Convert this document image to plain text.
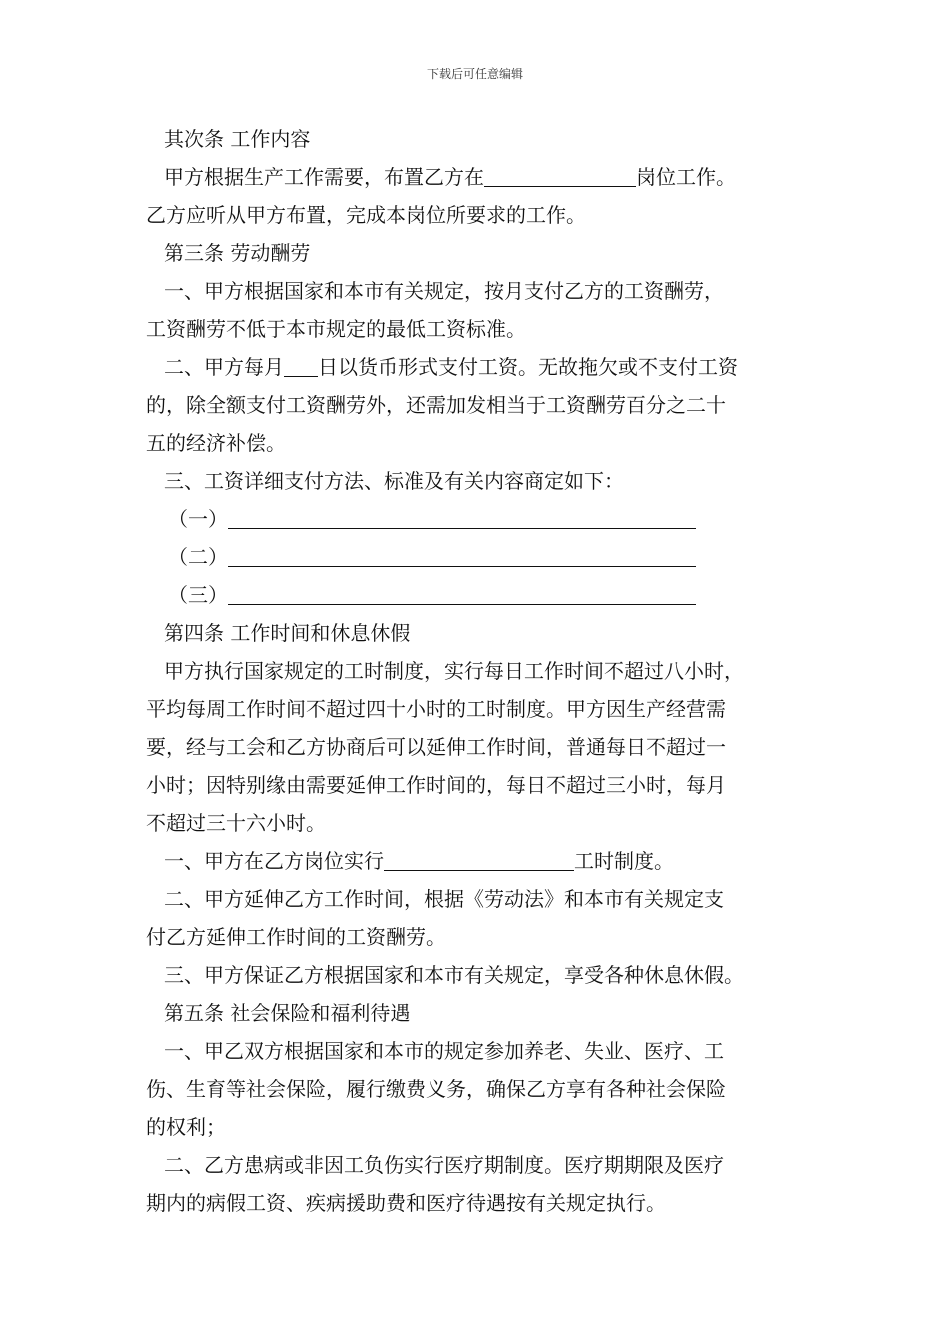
下载后可任意编辑
其次条 工作内容
甲方根据生产工作需要，布置乙方在	岗位工作。
乙方应听从甲方布置，完成本岗位所要求的工作。
第三条 劳动酬劳
一、甲方根据国家和本市有关规定，按月支付乙方的工资酬劳，
工资酬劳不低于本市规定的最低工资标准。
二、甲方每月 日以货币形式支付工资。无故拖欠或不支付工资
的，除全额支付工资酬劳外，还需加发相当于工资酬劳百分之二十
五的经济补偿。
三、工资详细支付方法、标准及有关内容商定如下：
（一）
（二）
（三）
第四条 工作时间和休息休假
甲方执行国家规定的工时制度，实行每日工作时间不超过八小时，
平均每周工作时间不超过四十小时的工时制度。甲方因生产经营需
要，经与工会和乙方协商后可以延伸工作时间，普通每日不超过一
小时；因特别缘由需要延伸工作时间的，每日不超过三小时，每月
不超过三十六小时。
一、甲方在乙方岗位实行	工时制度。
二、甲方延伸乙方工作时间，根据《劳动法》和本市有关规定支
付乙方延伸工作时间的工资酬劳。
三、甲方保证乙方根据国家和本市有关规定，享受各种休息休假。
第五条 社会保险和福利待遇
一、甲乙双方根据国家和本市的规定参加养老、失业、医疗、工
伤、生育等社会保险，履行缴费义务，确保乙方享有各种社会保险
的权利；
二、乙方患病或非因工负伤实行医疗期制度。医疗期期限及医疗
期内的病假工资、疾病援助费和医疗待遇按有关规定执行。
